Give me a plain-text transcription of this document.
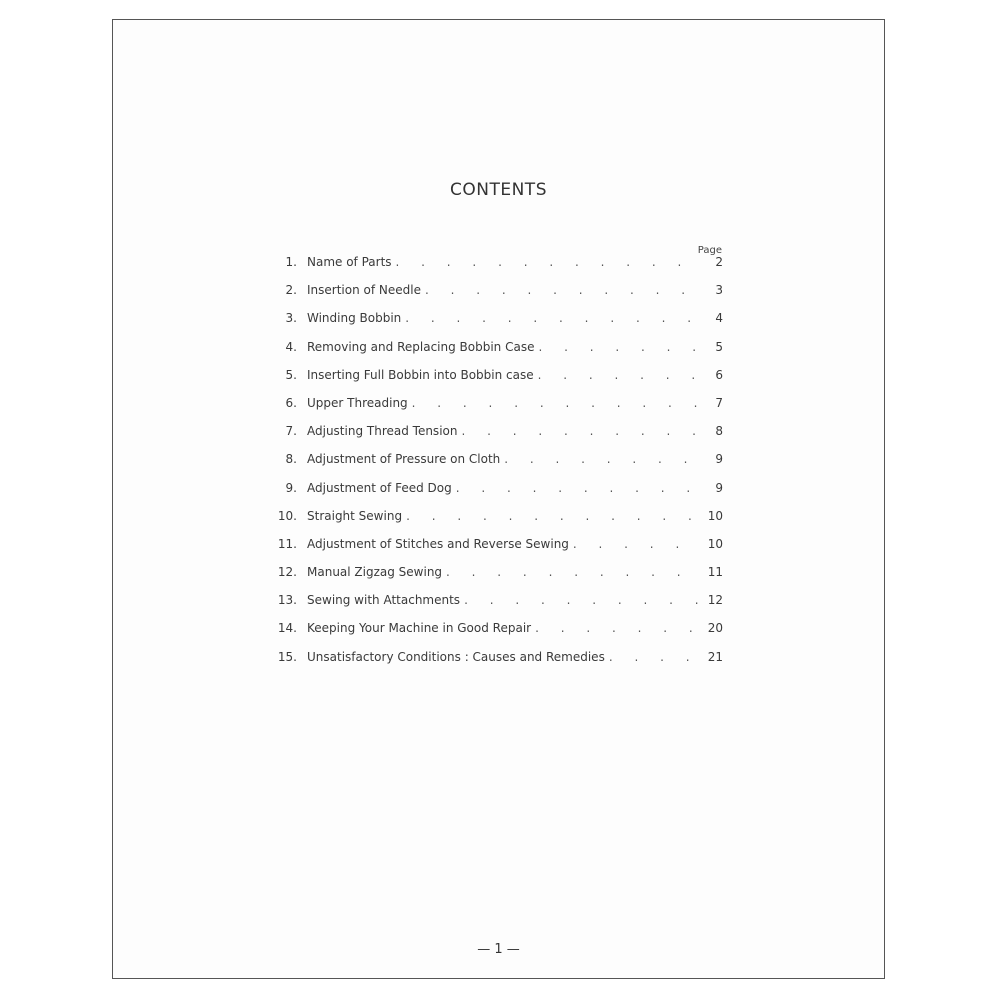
CONTENTS
Page
1. Name of Parts . . .	2
2. Insertion of Needle . . .	3
3. Winding Bobbin . . .	4
4. Removing and Replacing Bobbin Case . . .	5
5. Inserting Full Bobbin into Bobbin case . . .	6
6. Upper Threading . . .	7
7. Adjusting Thread Tension . . .	8
8. Adjustment of Pressure on Cloth . . .	9
9. Adjustment of Feed Dog . . .	9
10. Straight Sewing . . .	10
11. Adjustment of Stitches and Reverse Sewing . . .	10
12. Manual Zigzag Sewing . . .	11
13. Sewing with Attachments . . .	12
14. Keeping Your Machine in Good Repair . . .	20
15. Unsatisfactory Conditions : Causes and Remedies . . .	21
— 1 —
